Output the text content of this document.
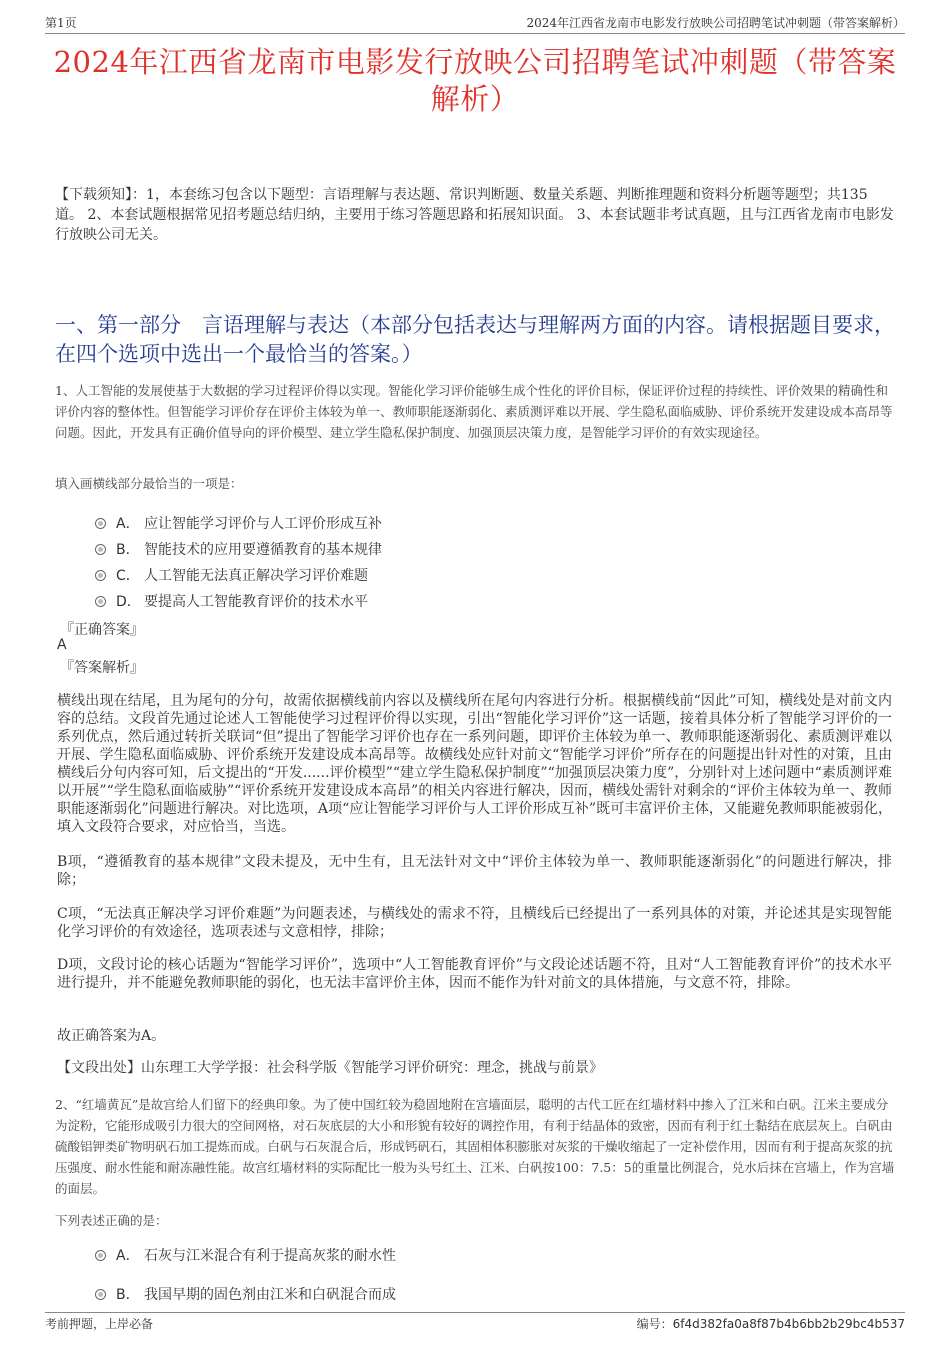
第1页	2024年江西省龙南市电影发行放映公司招聘笔试冲刺题（带答案解析）
2024年江西省龙南市电影发行放映公司招聘笔试冲刺题（带答案解析）
【下载须知】：1，本套练习包含以下题型：言语理解与表达题、常识判断题、数量关系题、判断推理题和资料分析题等题型；共135道。 2、本套试题根据常见招考题总结归纳，主要用于练习答题思路和拓展知识面。 3、本套试题非考试真题，且与江西省龙南市电影发行放映公司无关。
一、第一部分　言语理解与表达（本部分包括表达与理解两方面的内容。请根据题目要求，在四个选项中选出一个最恰当的答案。）
1、人工智能的发展使基于大数据的学习过程评价得以实现。智能化学习评价能够生成个性化的评价目标，保证评价过程的持续性、评价效果的精确性和评价内容的整体性。但智能学习评价存在评价主体较为单一、教师职能逐渐弱化、素质测评难以开展、学生隐私面临威胁、评价系统开发建设成本高昂等问题。因此，开发具有正确价值导向的评价模型、建立学生隐私保护制度、加强顶层决策力度，是智能学习评价的有效实现途径。
填入画横线部分最恰当的一项是：
A． 应让智能学习评价与人工评价形成互补
B． 智能技术的应用要遵循教育的基本规律
C． 人工智能无法真正解决学习评价难题
D． 要提高人工智能教育评价的技术水平
『正确答案』
A
『答案解析』
横线出现在结尾，且为尾句的分句，故需依据横线前内容以及横线所在尾句内容进行分析。根据横线前“因此”可知，横线处是对前文内容的总结。文段首先通过论述人工智能使学习过程评价得以实现，引出“智能化学习评价”这一话题，接着具体分析了智能学习评价的一系列优点，然后通过转折关联词“但”提出了智能学习评价也存在一系列问题，即评价主体较为单一、教师职能逐渐弱化、素质测评难以开展、学生隐私面临威胁、评价系统开发建设成本高昂等。故横线处应针对前文“智能学习评价”所存在的问题提出针对性的对策，且由横线后分句内容可知，后文提出的“开发......评价模型”“建立学生隐私保护制度”“加强顶层决策力度”，分别针对上述问题中“素质测评难以开展”“学生隐私面临威胁”“评价系统开发建设成本高昂”的相关内容进行解决，因而，横线处需针对剩余的“评价主体较为单一、教师职能逐渐弱化”问题进行解决。对比选项，A项“应让智能学习评价与人工评价形成互补”既可丰富评价主体，又能避免教师职能被弱化，填入文段符合要求，对应恰当，当选。
B项，“遵循教育的基本规律”文段未提及，无中生有，且无法针对文中“评价主体较为单一、教师职能逐渐弱化”的问题进行解决，排除；
C项，“无法真正解决学习评价难题”为问题表述，与横线处的需求不符，且横线后已经提出了一系列具体的对策，并论述其是实现智能化学习评价的有效途径，选项表述与文意相悖，排除；
D项，文段讨论的核心话题为“智能学习评价”，选项中“人工智能教育评价”与文段论述话题不符，且对“人工智能教育评价”的技术水平进行提升，并不能避免教师职能的弱化，也无法丰富评价主体，因而不能作为针对前文的具体措施，与文意不符，排除。
故正确答案为A。
【文段出处】山东理工大学学报：社会科学版《智能学习评价研究：理念，挑战与前景》
2、“红墙黄瓦”是故宫给人们留下的经典印象。为了使中国红较为稳固地附在宫墙面层，聪明的古代工匠在红墙材料中掺入了江米和白矾。江米主要成分为淀粉，它能形成吸引力很大的空间网格，对石灰底层的大小和形貌有较好的调控作用，有利于结晶体的致密，因而有利于红土黏结在底层灰上。白矾由硫酸铝钾类矿物明矾石加工提炼而成。白矾与石灰混合后，形成钙矾石，其固相体积膨胀对灰浆的干燥收缩起了一定补偿作用，因而有利于提高灰浆的抗压强度、耐水性能和耐冻融性能。故宫红墙材料的实际配比一般为头号红土、江米、白矾按100：7.5：5的重量比例混合，兑水后抹在宫墙上，作为宫墙的面层。
下列表述正确的是：
A． 石灰与江米混合有利于提高灰浆的耐水性
B． 我国早期的固色剂由江米和白矾混合而成
考前押题，上岸必备	编号：6f4d382fa0a8f87b4b6bb2b29bc4b537
